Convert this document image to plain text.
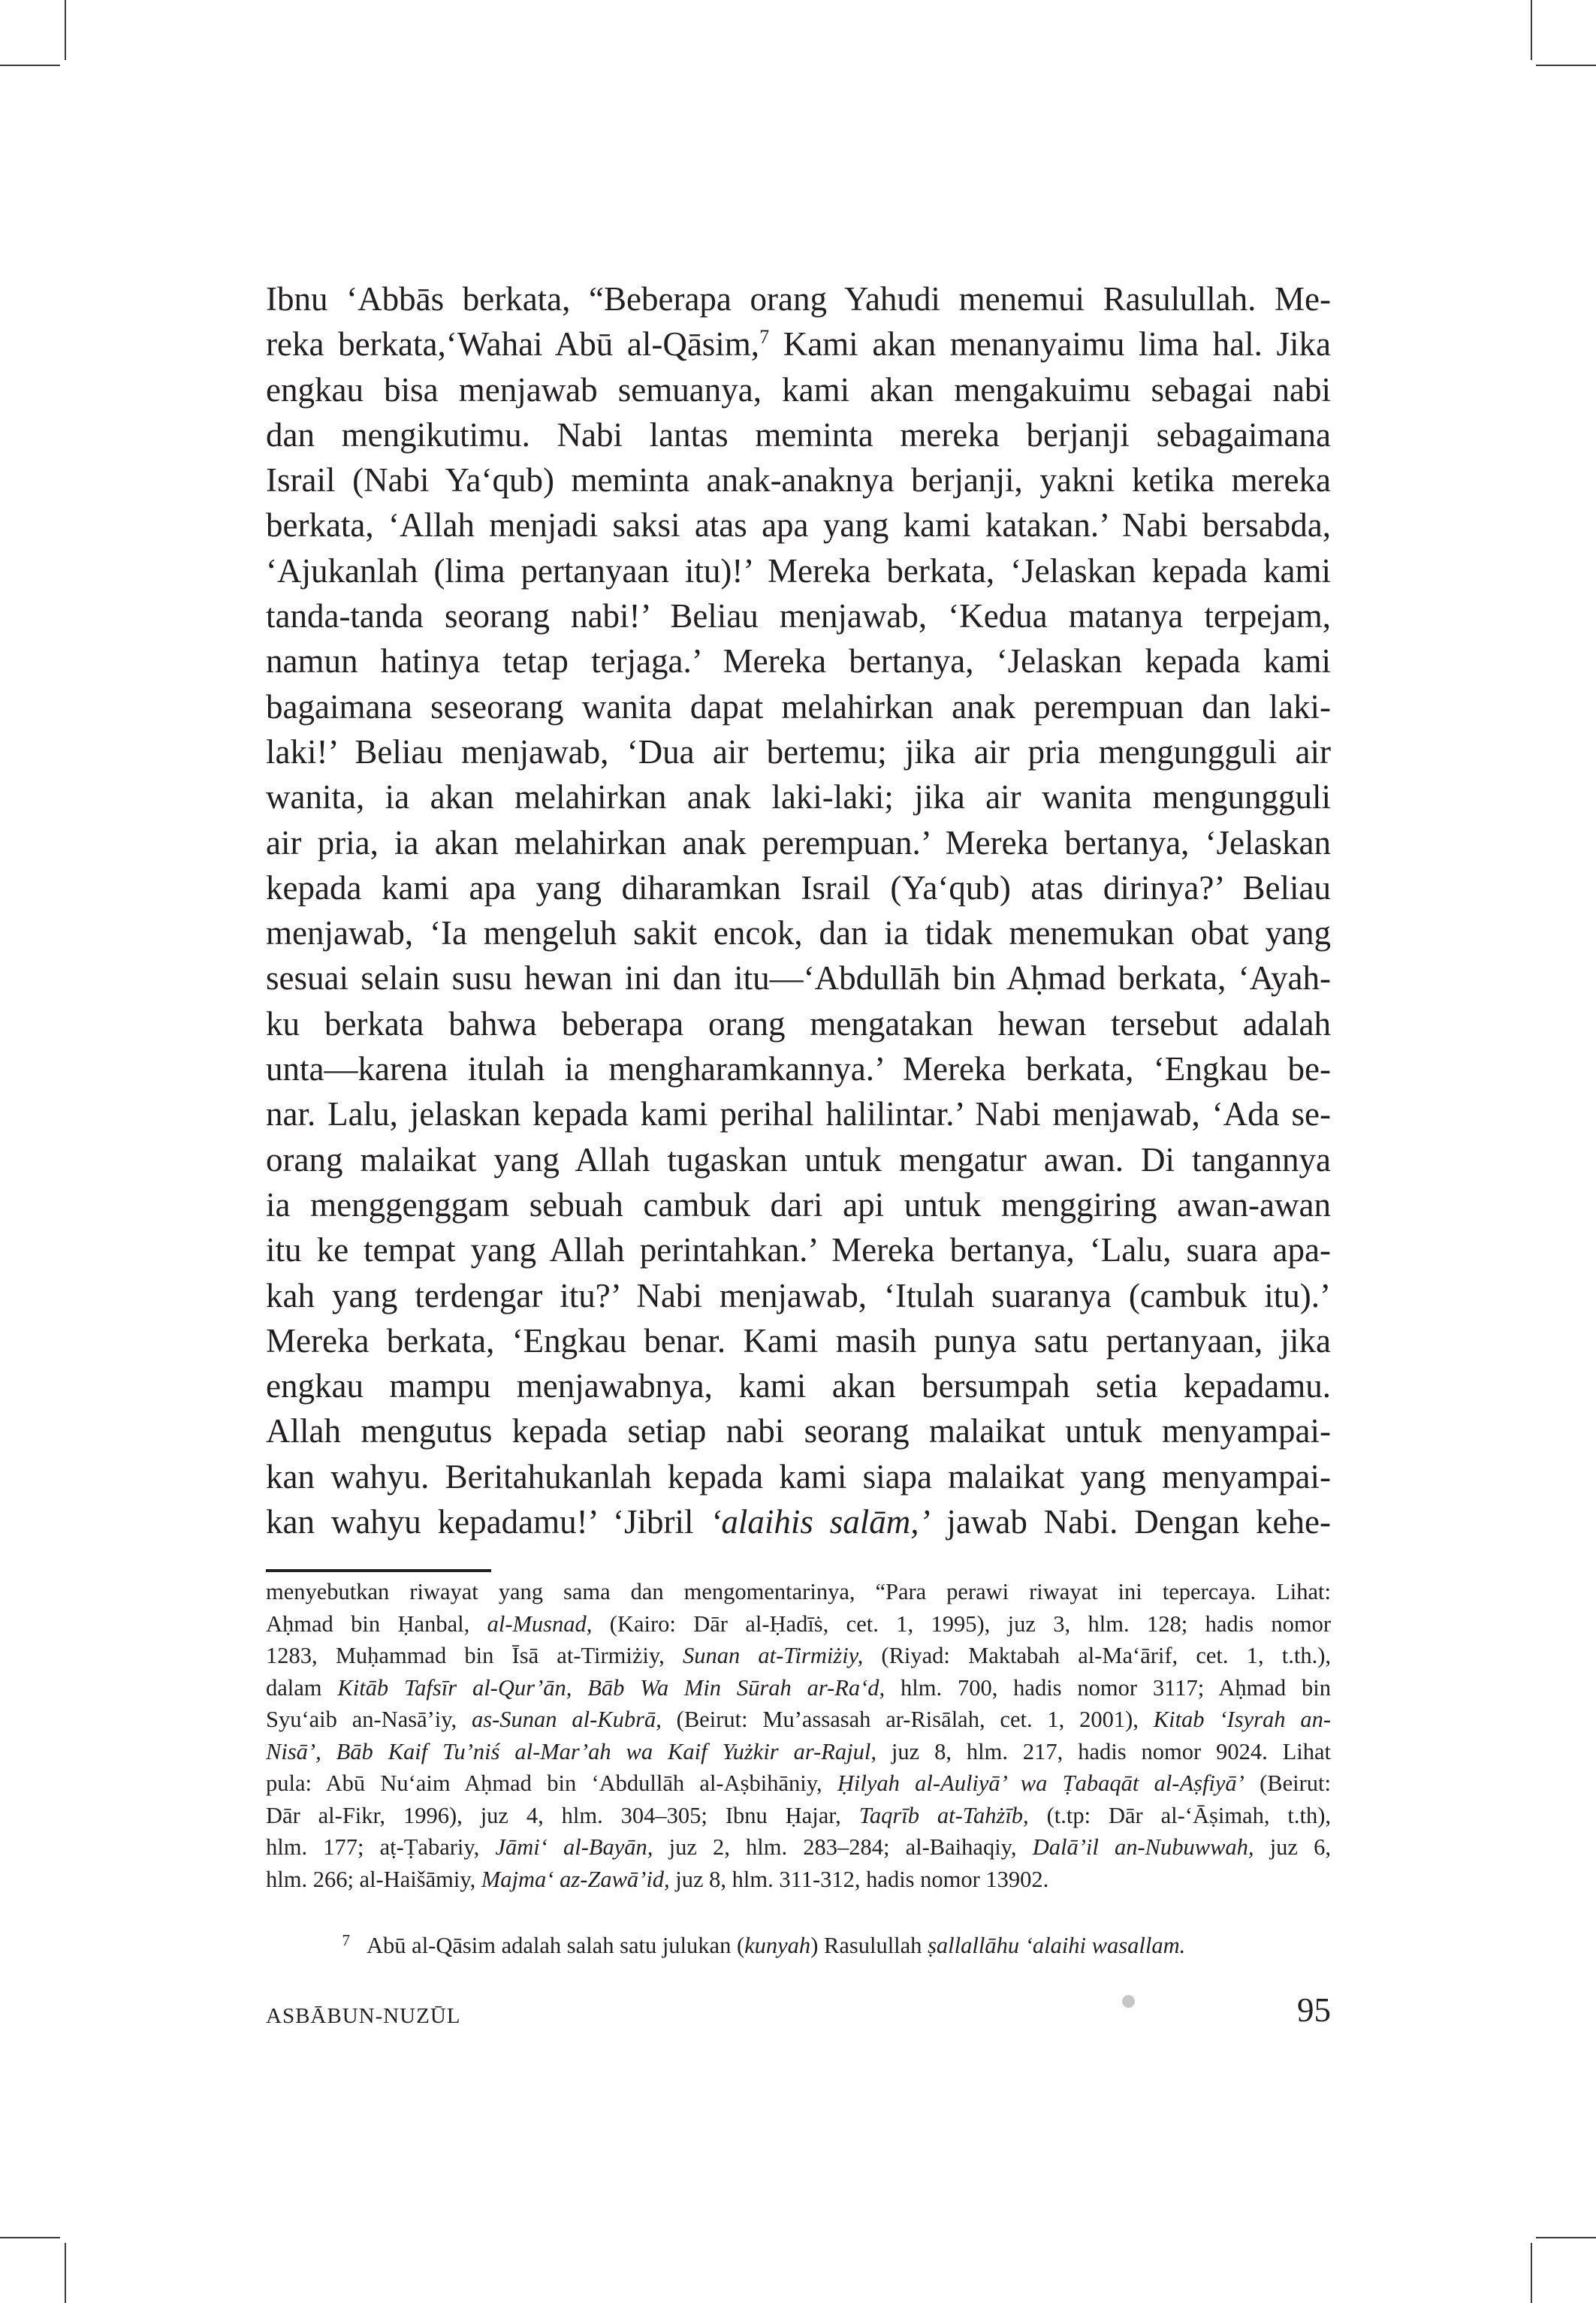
Ibnu ‘Abbās berkata, “Beberapa orang Yahudi menemui Rasulullah. Me-
reka berkata,‘Wahai Abū al-Qāsim,$^7$ Kami akan menanyaimu lima hal. Jika
engkau bisa menjawab semuanya, kami akan mengakuimu sebagai nabi
dan mengikutimu. Nabi lantas meminta mereka berjanji sebagaimana
Israil (Nabi Ya‘qub) meminta anak-anaknya berjanji, yakni ketika mereka
berkata, ‘Allah menjadi saksi atas apa yang kami katakan.’ Nabi bersabda,
‘Ajukanlah (lima pertanyaan itu)!’ Mereka berkata, ‘Jelaskan kepada kami
tanda-tanda seorang nabi!’ Beliau menjawab, ‘Kedua matanya terpejam,
namun hatinya tetap terjaga.’ Mereka bertanya, ‘Jelaskan kepada kami
bagaimana seseorang wanita dapat melahirkan anak perempuan dan laki-
laki!’ Beliau menjawab, ‘Dua air bertemu; jika air pria mengungguli air
wanita, ia akan melahirkan anak laki-laki; jika air wanita mengungguli
air pria, ia akan melahirkan anak perempuan.’ Mereka bertanya, ‘Jelaskan
kepada kami apa yang diharamkan Israil (Ya‘qub) atas dirinya?’ Beliau
menjawab, ‘Ia mengeluh sakit encok, dan ia tidak menemukan obat yang
sesuai selain susu hewan ini dan itu—‘Abdullāh bin Aḥmad berkata, ‘Ayah-
ku berkata bahwa beberapa orang mengatakan hewan tersebut adalah
unta—karena itulah ia mengharamkannya.’ Mereka berkata, ‘Engkau be-
nar. Lalu, jelaskan kepada kami perihal halilintar.’ Nabi menjawab, ‘Ada se-
orang malaikat yang Allah tugaskan untuk mengatur awan. Di tangannya
ia menggenggam sebuah cambuk dari api untuk menggiring awan-awan
itu ke tempat yang Allah perintahkan.’ Mereka bertanya, ‘Lalu, suara apa-
kah yang terdengar itu?’ Nabi menjawab, ‘Itulah suaranya (cambuk itu).’
Mereka berkata, ‘Engkau benar. Kami masih punya satu pertanyaan, jika
engkau mampu menjawabnya, kami akan bersumpah setia kepadamu.
Allah mengutus kepada setiap nabi seorang malaikat untuk menyampai-
kan wahyu. Beritahukanlah kepada kami siapa malaikat yang menyampai-
kan wahyu kepadamu!’ ‘Jibril ‘alaihis salām,’ jawab Nabi. Dengan kehe-
menyebutkan riwayat yang sama dan mengomentarinya, “Para perawi riwayat ini tepercaya. Lihat:
Aḥmad bin Ḥanbal, al-Musnad, (Kairo: Dār al-Ḥadīṡ, cet. 1, 1995), juz 3, hlm. 128; hadis nomor
1283, Muḥammad bin Īsā at-Tirmiżiy, Sunan at-Tirmiżiy, (Riyad: Maktabah al-Ma‘ārif, cet. 1, t.th.),
dalam Kitāb Tafsīr al-Qur’ān, Bāb Wa Min Sūrah ar-Ra‘d, hlm. 700, hadis nomor 3117; Aḥmad bin
Syu‘aib an-Nasā’iy, as-Sunan al-Kubrā, (Beirut: Mu’assasah ar-Risālah, cet. 1, 2001), Kitab ‘Isyrah an-
Nisā’, Bāb Kaif Tu’niś al-Mar’ah wa Kaif Yużkir ar-Rajul, juz 8, hlm. 217, hadis nomor 9024. Lihat
pula: Abū Nu‘aim Aḥmad bin ‘Abdullāh al-Aṣbihāniy, Ḥilyah al-Auliyā’ wa Ṭabaqāt al-Aṣfiyā’ (Beirut:
Dār al-Fikr, 1996), juz 4, hlm. 304–305; Ibnu Ḥajar, Taqrīb at-Tahżīb, (t.tp: Dār al-‘Āṣimah, t.th),
hlm. 177; aṭ-Ṭabariy, Jāmi‘ al-Bayān, juz 2, hlm. 283–284; al-Baihaqiy, Dalā’il an-Nubuwwah, juz 6,
hlm. 266; al-Haišāmiy, Majma‘ az-Zawā’id, juz 8, hlm. 311-312, hadis nomor 13902.
7 Abū al-Qāsim adalah salah satu julukan (kunyah) Rasulullah ṣallallāhu ‘alaihi wasallam.
ASBĀBUN-NUZŪL	95
